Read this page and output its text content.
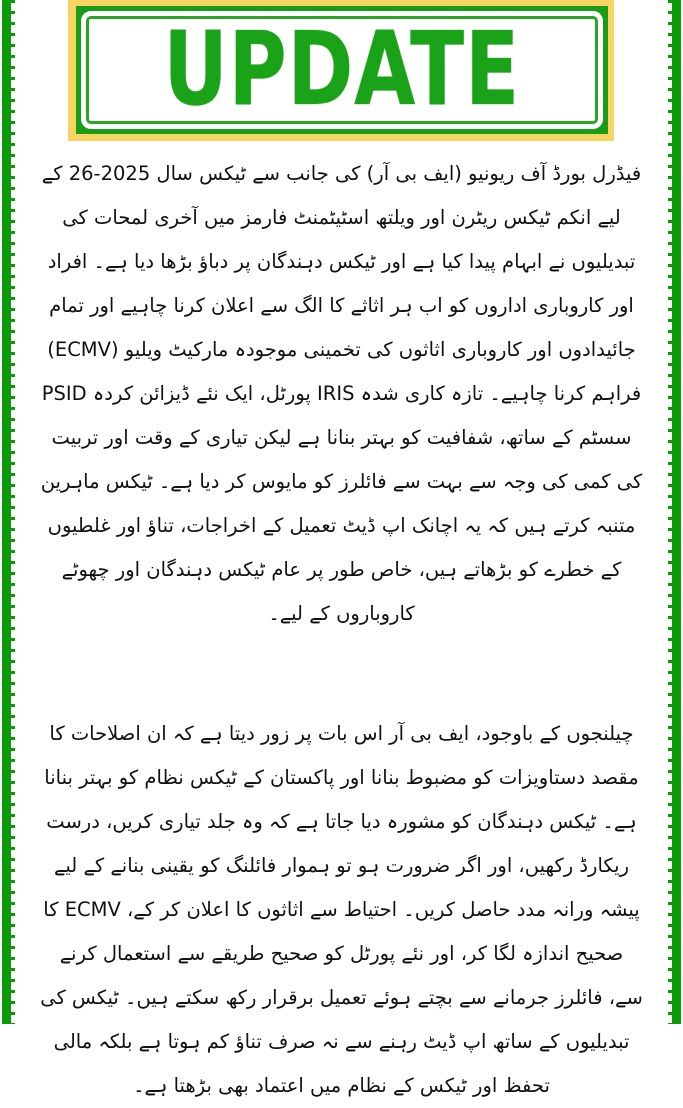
UPDATE

فیڈرل بورڈ آف ریونیو (ایف بی آر) کی جانب سے ٹیکس سال 2025-26 کے لیے انکم ٹیکس ریٹرن اور ویلتھ اسٹیٹمنٹ فارمز میں آخری لمحات کی تبدیلیوں نے ابہام پیدا کیا ہے اور ٹیکس دہندگان پر دباؤ بڑھا دیا ہے۔ افراد اور کاروباری اداروں کو اب ہر اثاثے کا الگ سے اعلان کرنا چاہیے اور تمام جائیدادوں اور کاروباری اثاثوں کی تخمینی موجودہ مارکیٹ ویلیو (ECMV) فراہم کرنا چاہیے۔ تازہ کاری شدہ IRIS پورٹل، ایک نئے ڈیزائن کردہ PSID سسٹم کے ساتھ، شفافیت کو بہتر بنانا ہے لیکن تیاری کے وقت اور تربیت کی کمی کی وجہ سے بہت سے فائلرز کو مایوس کر دیا ہے۔ ٹیکس ماہرین متنبہ کرتے ہیں کہ یہ اچانک اپ ڈیٹ تعمیل کے اخراجات، تناؤ اور غلطیوں کے خطرے کو بڑھاتے ہیں، خاص طور پر عام ٹیکس دہندگان اور چھوٹے کاروباروں کے لیے۔

چیلنجوں کے باوجود، ایف بی آر اس بات پر زور دیتا ہے کہ ان اصلاحات کا مقصد دستاویزات کو مضبوط بنانا اور پاکستان کے ٹیکس نظام کو بہتر بنانا ہے۔ ٹیکس دہندگان کو مشورہ دیا جاتا ہے کہ وہ جلد تیاری کریں، درست ریکارڈ رکھیں، اور اگر ضرورت ہو تو ہموار فائلنگ کو یقینی بنانے کے لیے پیشہ ورانہ مدد حاصل کریں۔ احتیاط سے اثاثوں کا اعلان کر کے، ECMV کا صحیح اندازہ لگا کر، اور نئے پورٹل کو صحیح طریقے سے استعمال کرنے سے، فائلرز جرمانے سے بچتے ہوئے تعمیل برقرار رکھ سکتے ہیں۔ ٹیکس کی تبدیلیوں کے ساتھ اپ ڈیٹ رہنے سے نہ صرف تناؤ کم ہوتا ہے بلکہ مالی تحفظ اور ٹیکس کے نظام میں اعتماد بھی بڑھتا ہے۔
